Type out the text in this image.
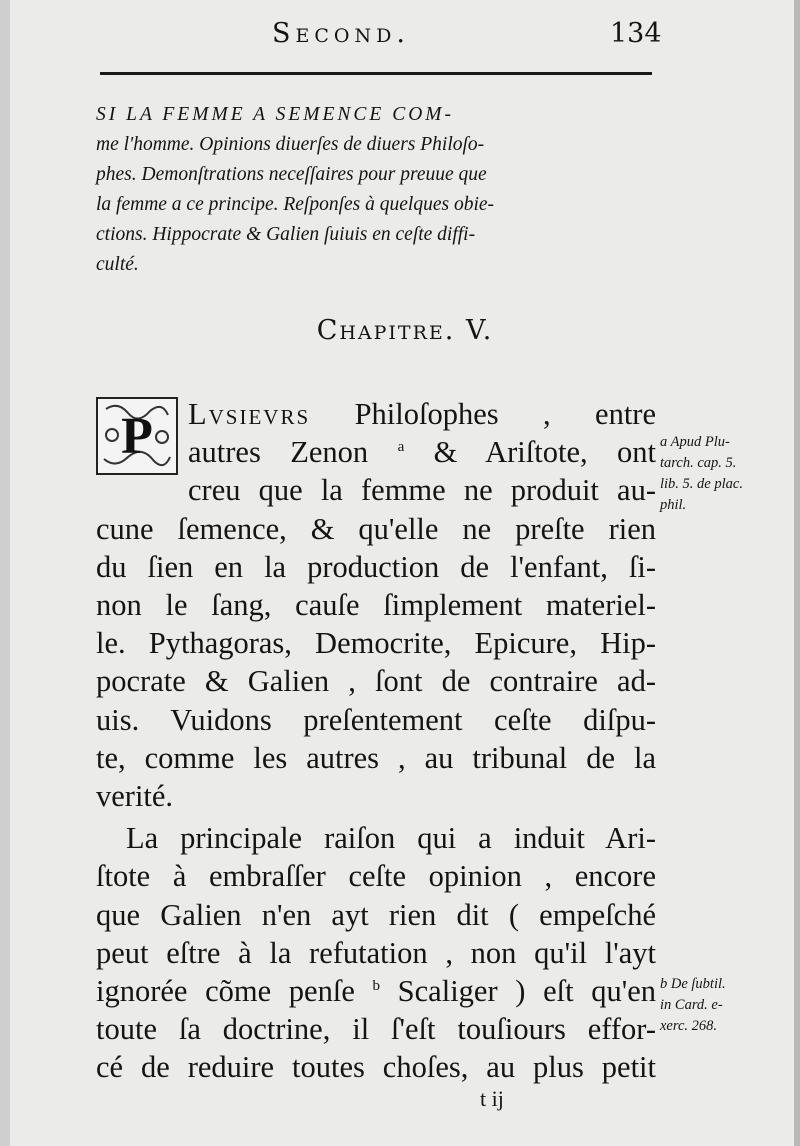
Second.	134
SI LA FEMME A SEMENCE COM-
me l'homme. Opinions diuerſes de diuers Philoſo-
phes. Demonſtrations neceſſaires pour preuue que
la femme a ce principe. Reſponſes à quelques obie-
ctions. Hippocrate & Galien ſuiuis en ceſte diffi-
culté.
Chapitre. V.
P	Lvsievrs Philoſophes , entre
autres Zenon $^a$ & Ariſtote, ont
creu que la femme ne produit au-
cune ſemence, & qu'elle ne preſte rien
du ſien en la production de l'enfant, ſi-
non le ſang, cauſe ſimplement materiel-
le. Pythagoras, Democrite, Epicure, Hip-
pocrate & Galien , ſont de contraire ad-
uis. Vuidons preſentement ceſte diſpu-
te, comme les autres , au tribunal de la
verité.
La principale raiſon qui a induit Ari-
ſtote à embraſſer ceſte opinion , encore
que Galien n'en ayt rien dit ( empeſché
peut eſtre à la refutation , non qu'il l'ayt
ignorée cõme penſe $^b$ Scaliger ) eſt qu'en
toute ſa doctrine, il ſ'eſt touſiours effor-
cé de reduire toutes choſes, au plus petit
a Apud Plu-
tarch. cap. 5.
lib. 5. de plac.
phil.
b De ſubtil.
in Card. e-
xerc. 268.
t ij
